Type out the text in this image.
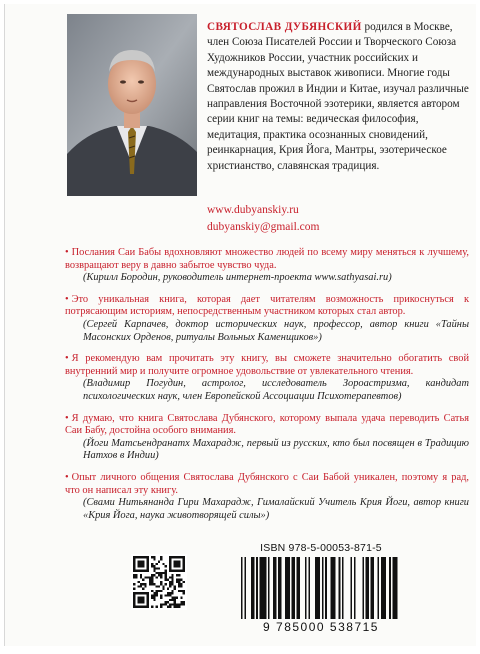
СВЯТОСЛАВ ДУБЯНСКИЙ родился в Москве, член Союза Писателей России и Творческого Союза Художников России, участник российских и международных выставок живописи. Многие годы Святослав прожил в Индии и Китае, изучал различные направления Восточной эзотерики, является автором серии книг на темы: ведическая философия, медитация, практика осознанных сновидений, реинкарнация, Крия Йога, Мантры, эзотерическое христианство, славянская традиция.
www.dubyanskiy.ru
dubyanskiy@gmail.com
• Послания Саи Бабы вдохновляют множество людей по всему миру меняться к лучшему, возвращают веру в давно забытое чувство чуда.
(Кирилл Бородин, руководитель интернет-проекта www.sathyasai.ru)
• Это уникальная книга, которая дает читателям возможность прикоснуться к потрясающим историям, непосредственным участником которых стал автор.
(Сергей Карпачев, доктор исторических наук, профессор, автор книги «Тайны Масонских Орденов, ритуалы Вольных Каменщиков»)
• Я рекомендую вам прочитать эту книгу, вы сможете значительно обогатить свой внутренний мир и получите огромное удовольствие от увлекательного чтения.
(Владимир Погудин, астролог, исследователь Зороастризма, кандидат психологических наук, член Европейской Ассоциации Психотерапевтов)
• Я думаю, что книга Святослава Дубянского, которому выпала удача переводить Сатья Саи Бабу, достойна особого внимания.
(Йоги Матсьендранатх Махарадж, первый из русских, кто был посвящен в Традицию Натхов в Индии)
• Опыт личного общения Святослава Дубянского с Саи Бабой уникален, поэтому я рад, что он написал эту книгу.
(Свами Нитьянанда Гири Махарадж, Гималайский Учитель Крия Йоги, автор книги «Крия Йога, наука животворящей силы»)
ISBN 978-5-00053-871-5
9 785000 538715
